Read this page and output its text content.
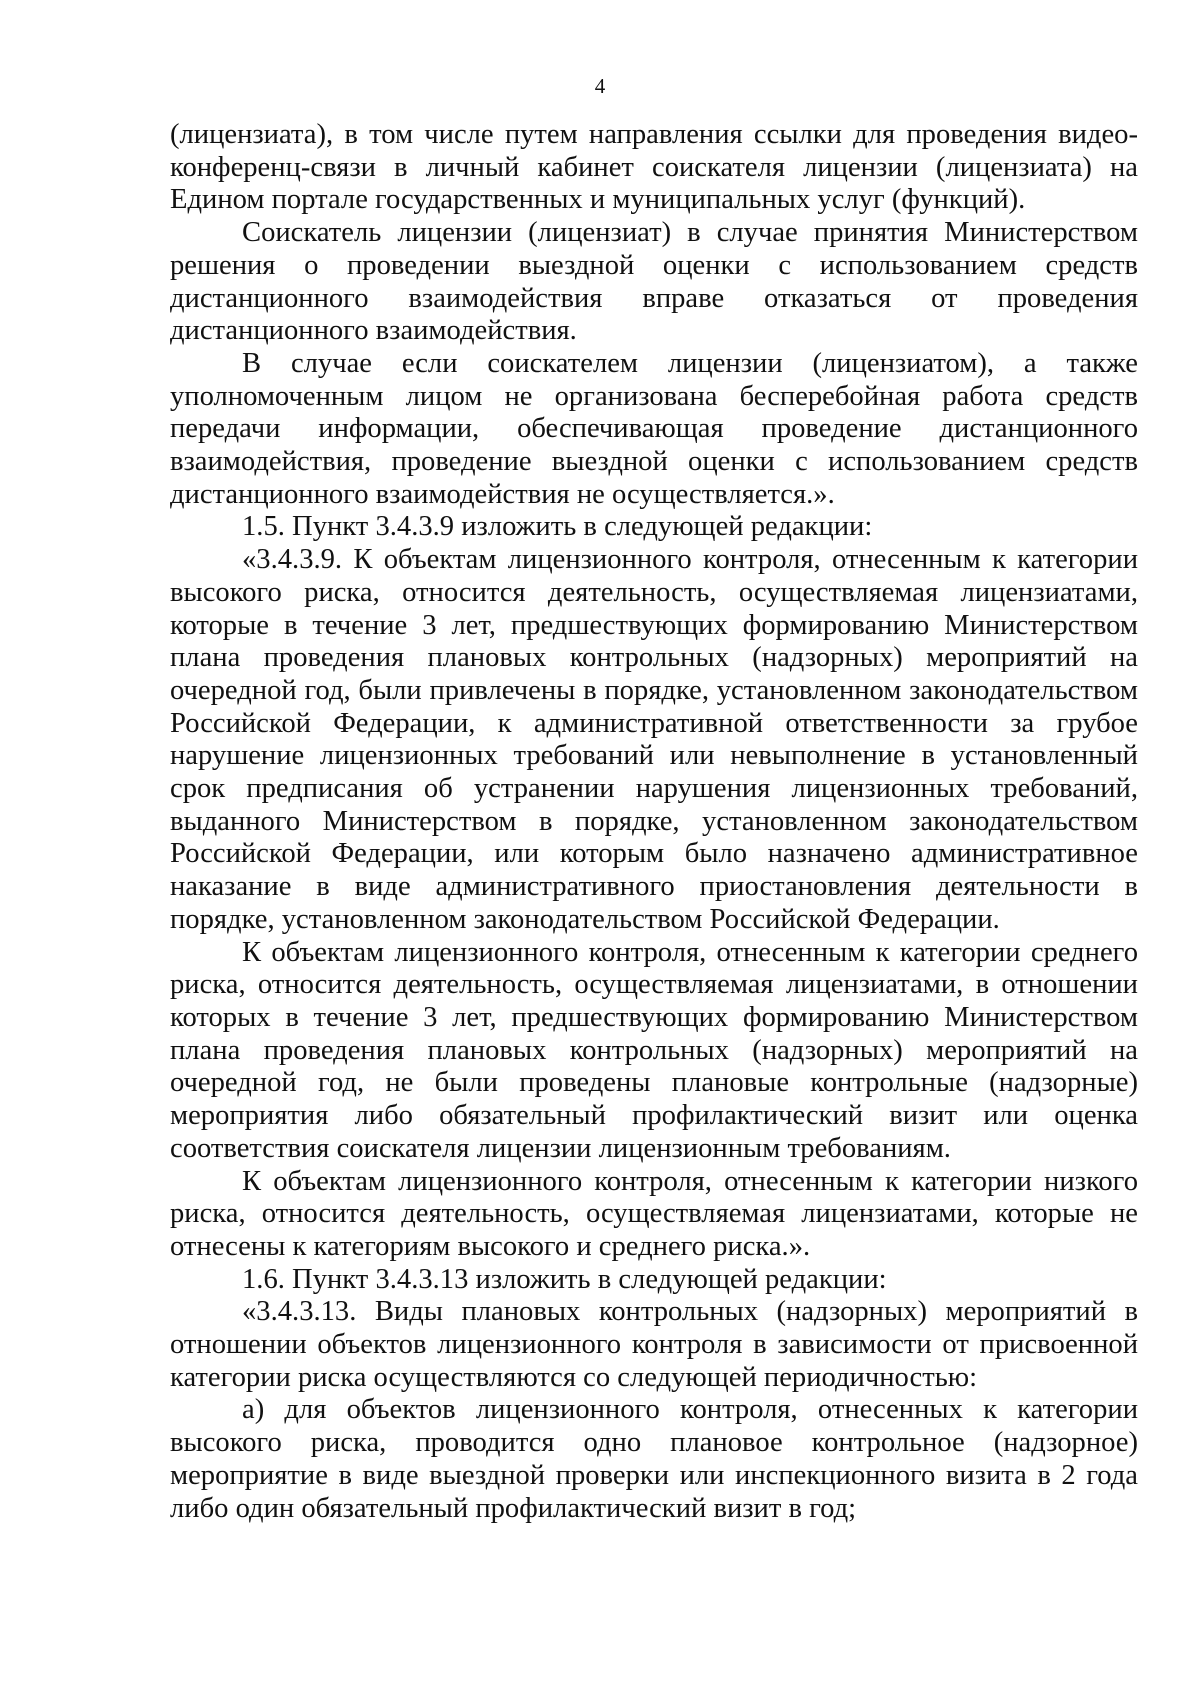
4

(лицензиата), в том числе путем направления ссылки для проведения видео-конференц-связи в личный кабинет соискателя лицензии (лицензиата) на Едином портале государственных и муниципальных услуг (функций).

Соискатель лицензии (лицензиат) в случае принятия Министерством решения о проведении выездной оценки с использованием средств дистанционного взаимодействия вправе отказаться от проведения дистанционного взаимодействия.

В случае если соискателем лицензии (лицензиатом), а также уполномоченным лицом не организована бесперебойная работа средств передачи информации, обеспечивающая проведение дистанционного взаимодействия, проведение выездной оценки с использованием средств дистанционного взаимодействия не осуществляется.».

1.5. Пункт 3.4.3.9 изложить в следующей редакции:

«3.4.3.9. К объектам лицензионного контроля, отнесенным к категории высокого риска, относится деятельность, осуществляемая лицензиатами, которые в течение 3 лет, предшествующих формированию Министерством плана проведения плановых контрольных (надзорных) мероприятий на очередной год, были привлечены в порядке, установленном законодательством Российской Федерации, к административной ответственности за грубое нарушение лицензионных требований или невыполнение в установленный срок предписания об устранении нарушения лицензионных требований, выданного Министерством в порядке, установленном законодательством Российской Федерации, или которым было назначено административное наказание в виде административного приостановления деятельности в порядке, установленном законодательством Российской Федерации.

К объектам лицензионного контроля, отнесенным к категории среднего риска, относится деятельность, осуществляемая лицензиатами, в отношении которых в течение 3 лет, предшествующих формированию Министерством плана проведения плановых контрольных (надзорных) мероприятий на очередной год, не были проведены плановые контрольные (надзорные) мероприятия либо обязательный профилактический визит или оценка соответствия соискателя лицензии лицензионным требованиям.

К объектам лицензионного контроля, отнесенным к категории низкого риска, относится деятельность, осуществляемая лицензиатами, которые не отнесены к категориям высокого и среднего риска.».

1.6. Пункт 3.4.3.13 изложить в следующей редакции:

«3.4.3.13. Виды плановых контрольных (надзорных) мероприятий в отношении объектов лицензионного контроля в зависимости от присвоенной категории риска осуществляются со следующей периодичностью:

а) для объектов лицензионного контроля, отнесенных к категории высокого риска, проводится одно плановое контрольное (надзорное) мероприятие в виде выездной проверки или инспекционного визита в 2 года либо один обязательный профилактический визит в год;
